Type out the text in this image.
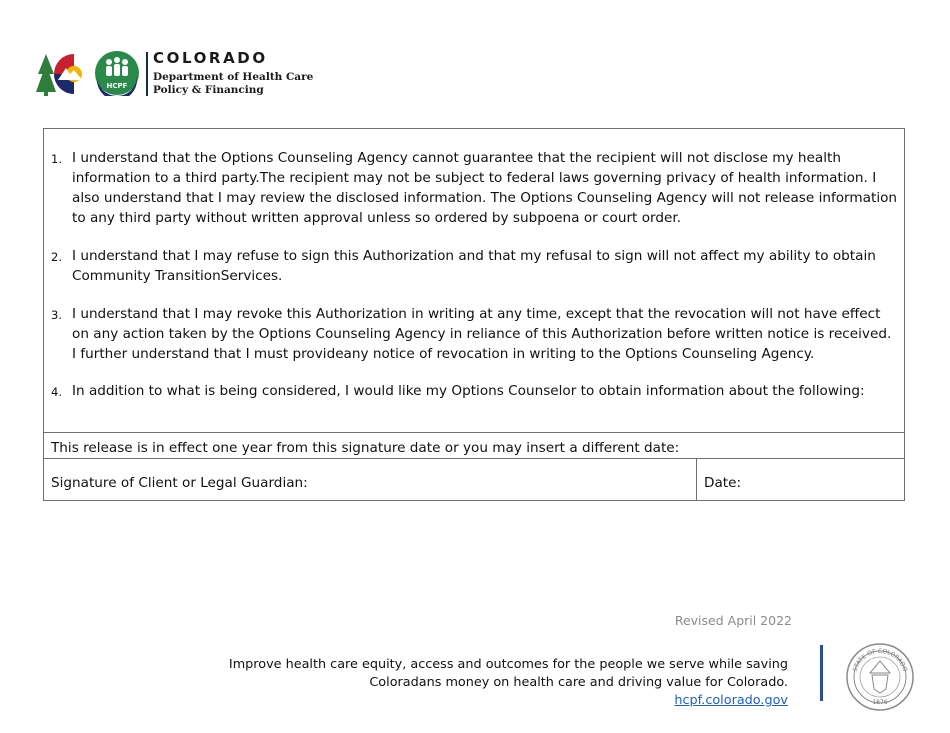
HCPF
COLORADO
Department of Health Care
Policy & Financing
1. I understand that the Options Counseling Agency cannot guarantee that the recipient will not disclose my health information to a third party.The recipient may not be subject to federal laws governing privacy of health information. I also understand that I may review the disclosed information. The Options Counseling Agency will not release information to any third party without written approval unless so ordered by subpoena or court order.
2. I understand that I may refuse to sign this Authorization and that my refusal to sign will not affect my ability to obtain Community TransitionServices.
3. I understand that I may revoke this Authorization in writing at any time, except that the revocation will not have effect on any action taken by the Options Counseling Agency in reliance of this Authorization before written notice is received. I further understand that I must provideany notice of revocation in writing to the Options Counseling Agency.
4. In addition to what is being considered, I would like my Options Counselor to obtain information about the following:
This release is in effect one year from this signature date or you may insert a different date:
Signature of Client or Legal Guardian:	Date:
Revised April 2022
Improve health care equity, access and outcomes for the people we serve while saving
Coloradans money on health care and driving value for Colorado.
hcpf.colorado.gov
STATE OF COLORADO
1876
